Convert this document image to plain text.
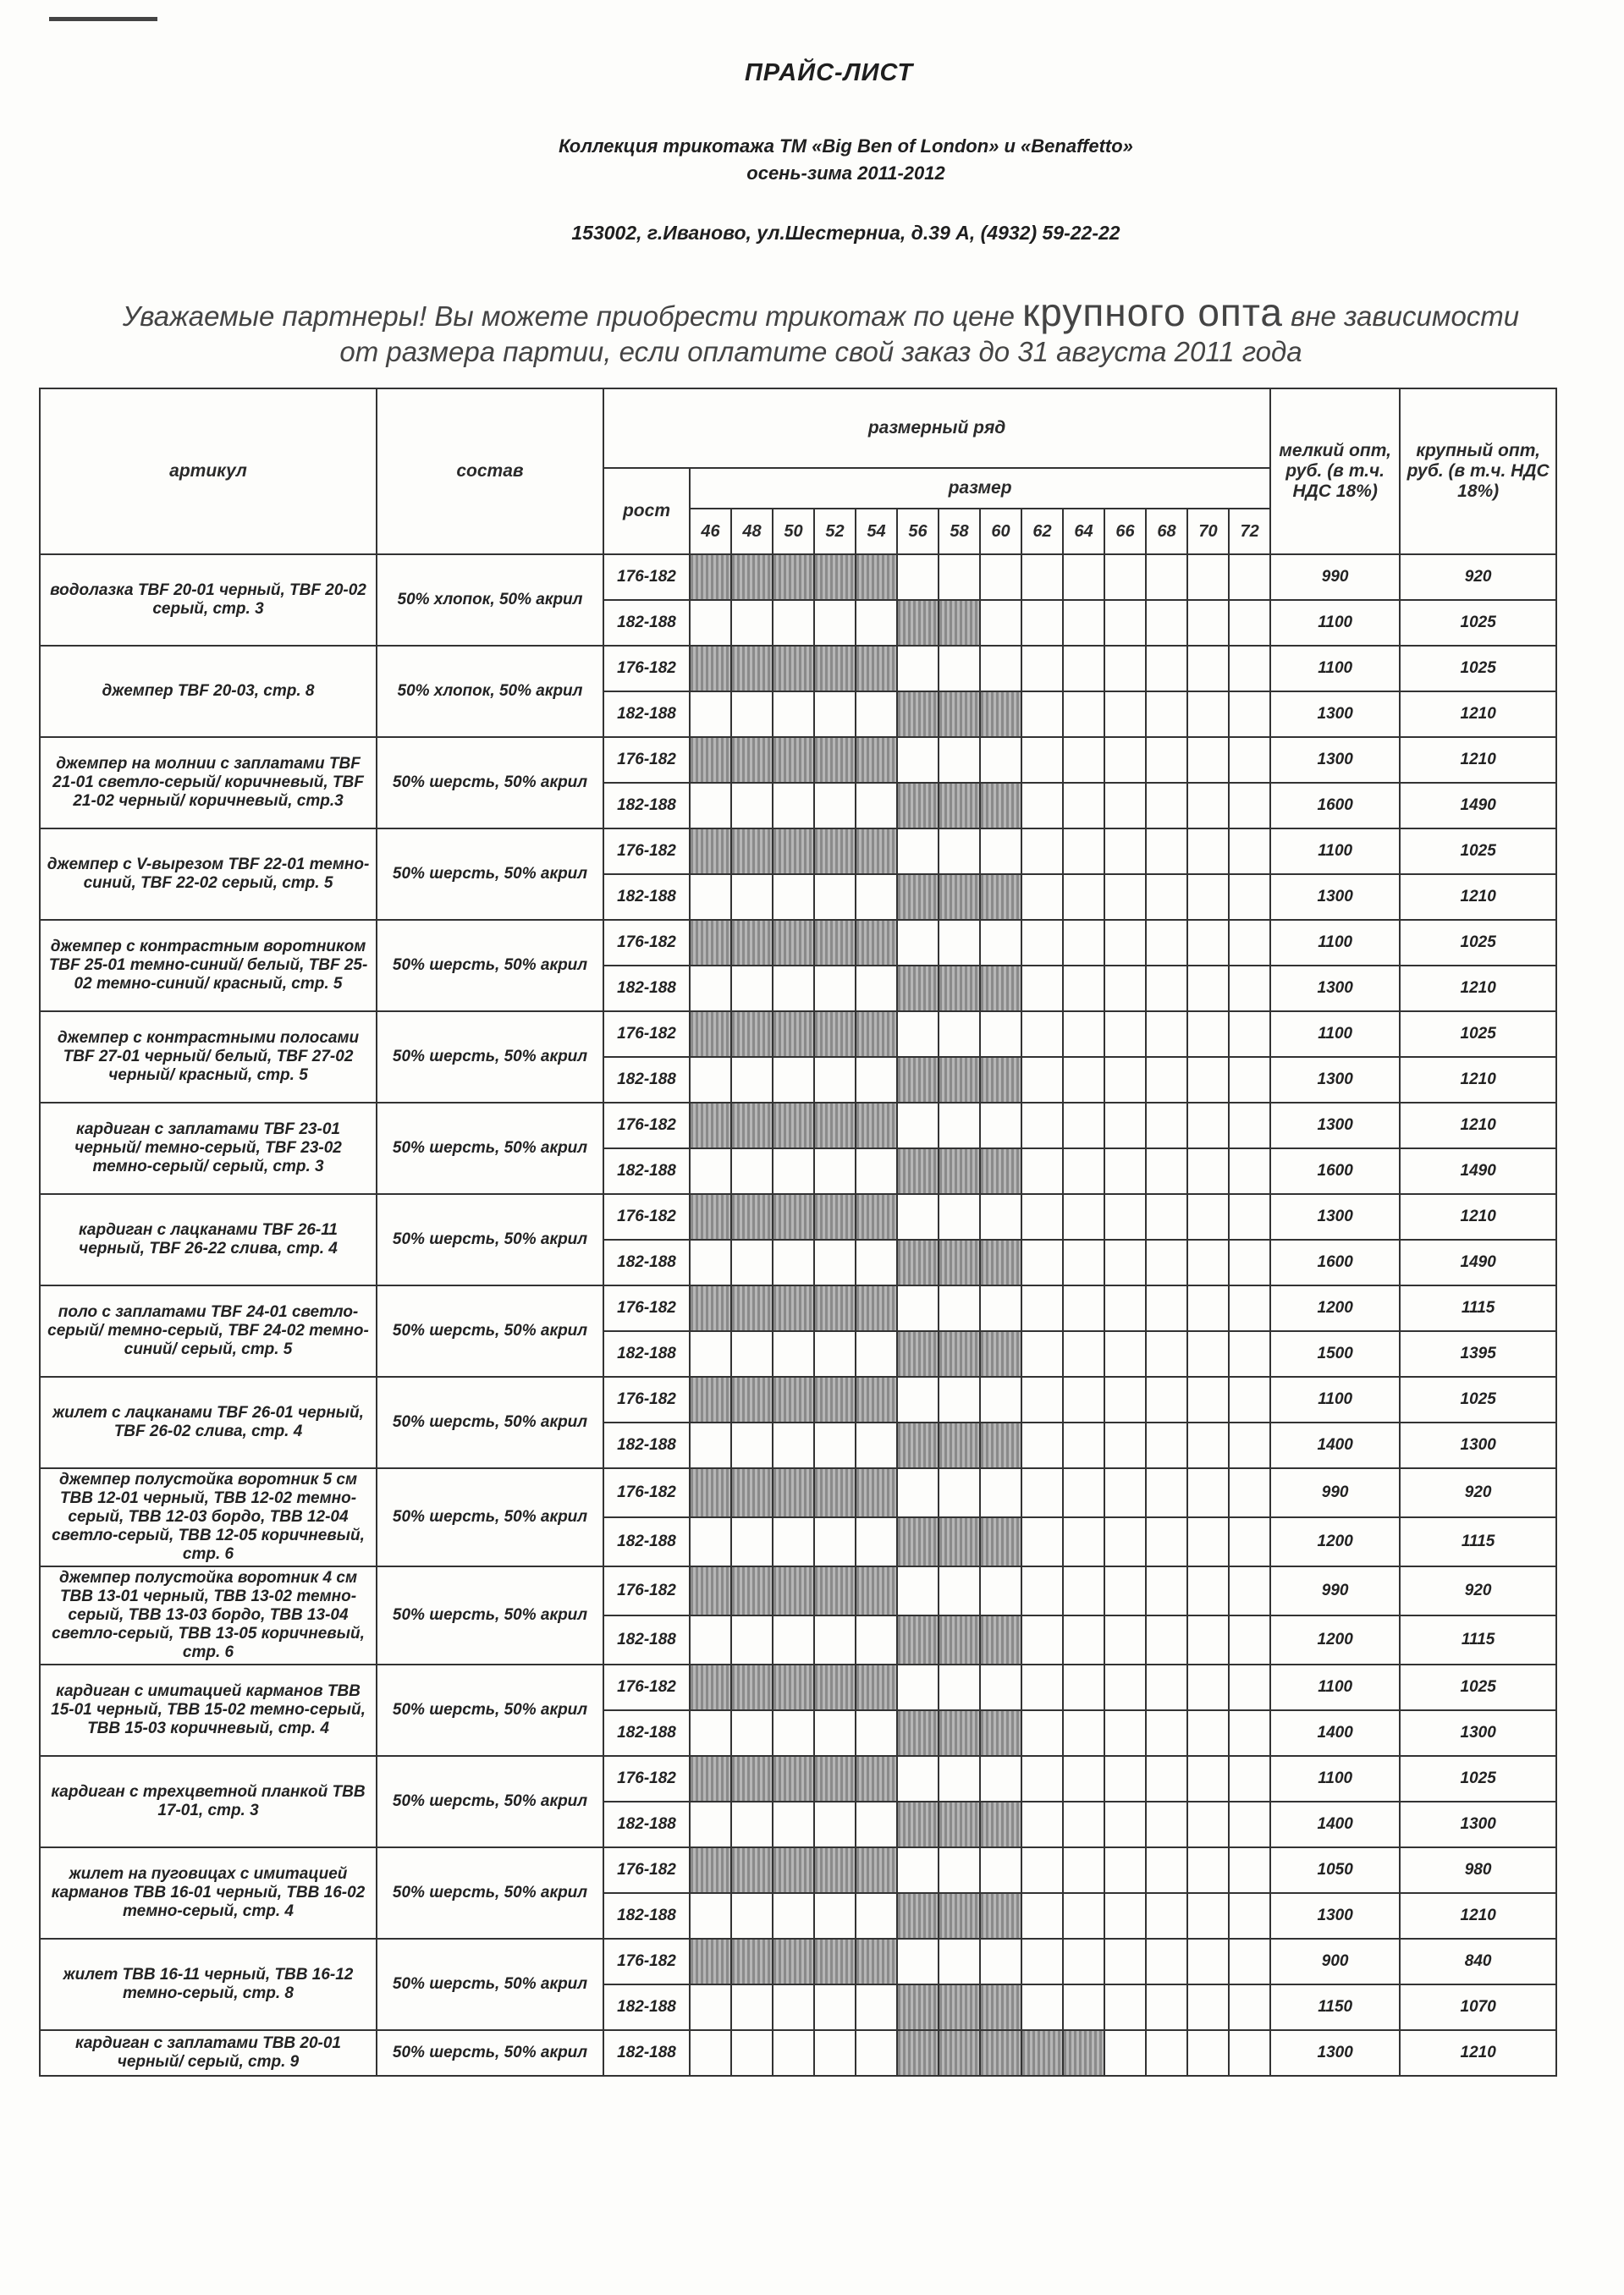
ПРАЙС-ЛИСТ
Коллекция трикотажа ТМ «Big Ben of London» и «Benaffetto»
осень-зима 2011-2012
153002, г.Иваново, ул.Шестерниа, д.39 А, (4932) 59-22-22
Уважаемые партнеры! Вы можете приобрести трикотаж по цене крупного опта вне зависимости
от размера партии, если оплатите свой заказ до 31 августа 2011 года
артикул	состав	размерный ряд															мелкий опт, руб. (в т.ч. НДС 18%)	крупный опт, руб. (в т.ч. НДС 18%)
		рост	размер															
			46	48	50	52	54	56	58	60	62	64	66	68	70	72		
водолазка TBF 20-01 черный, TBF 20-02 серый, стр. 3	50% хлопок, 50% акрил	176-182															990	920
		182-188															1100	1025
джемпер TBF 20-03, стр. 8	50% хлопок, 50% акрил	176-182															1100	1025
		182-188															1300	1210
джемпер на молнии с заплатами TBF 21-01 светло-серый/ коричневый, TBF 21-02 черный/ коричневый, стр.3	50% шерсть, 50% акрил	176-182															1300	1210
		182-188															1600	1490
джемпер с V-вырезом TBF 22-01 темно-синий, TBF 22-02 серый, стр. 5	50% шерсть, 50% акрил	176-182															1100	1025
		182-188															1300	1210
джемпер с контрастным воротником TBF 25-01 темно-синий/ белый, TBF 25-02 темно-синий/ красный, стр. 5	50% шерсть, 50% акрил	176-182															1100	1025
		182-188															1300	1210
джемпер с контрастными полосами TBF 27-01 черный/ белый, TBF 27-02 черный/ красный, стр. 5	50% шерсть, 50% акрил	176-182															1100	1025
		182-188															1300	1210
кардиган с заплатами TBF 23-01 черный/ темно-серый, TBF 23-02 темно-серый/ серый, стр. 3	50% шерсть, 50% акрил	176-182															1300	1210
		182-188															1600	1490
кардиган с лацканами TBF 26-11 черный, TBF 26-22 слива, стр. 4	50% шерсть, 50% акрил	176-182															1300	1210
		182-188															1600	1490
поло с заплатами TBF 24-01 светло-серый/ темно-серый, TBF 24-02 темно-синий/ серый, стр. 5	50% шерсть, 50% акрил	176-182															1200	1115
		182-188															1500	1395
жилет с лацканами TBF 26-01 черный, TBF 26-02 слива, стр. 4	50% шерсть, 50% акрил	176-182															1100	1025
		182-188															1400	1300
джемпер полустойка воротник 5 см TBB 12-01 черный, TBB 12-02 темно-серый, TBB 12-03 бордо, TBB 12-04 светло-серый, TBB 12-05 коричневый, стр. 6	50% шерсть, 50% акрил	176-182															990	920
		182-188															1200	1115
джемпер полустойка воротник 4 см TBB 13-01 черный, TBB 13-02 темно-серый, TBB 13-03 бордо, TBB 13-04 светло-серый, TBB 13-05 коричневый, стр. 6	50% шерсть, 50% акрил	176-182															990	920
		182-188															1200	1115
кардиган с имитацией карманов TBB 15-01 черный, TBB 15-02 темно-серый, TBB 15-03 коричневый, стр. 4	50% шерсть, 50% акрил	176-182															1100	1025
		182-188															1400	1300
кардиган с трехцветной планкой TBB 17-01, стр. 3	50% шерсть, 50% акрил	176-182															1100	1025
		182-188															1400	1300
жилет на пуговицах с имитацией карманов TBB 16-01 черный, TBB 16-02 темно-серый, стр. 4	50% шерсть, 50% акрил	176-182															1050	980
		182-188															1300	1210
жилет TBB 16-11 черный, TBB 16-12 темно-серый, стр. 8	50% шерсть, 50% акрил	176-182															900	840
		182-188															1150	1070
кардиган с заплатами TBB 20-01 черный/ серый, стр. 9	50% шерсть, 50% акрил	182-188															1300	1210
